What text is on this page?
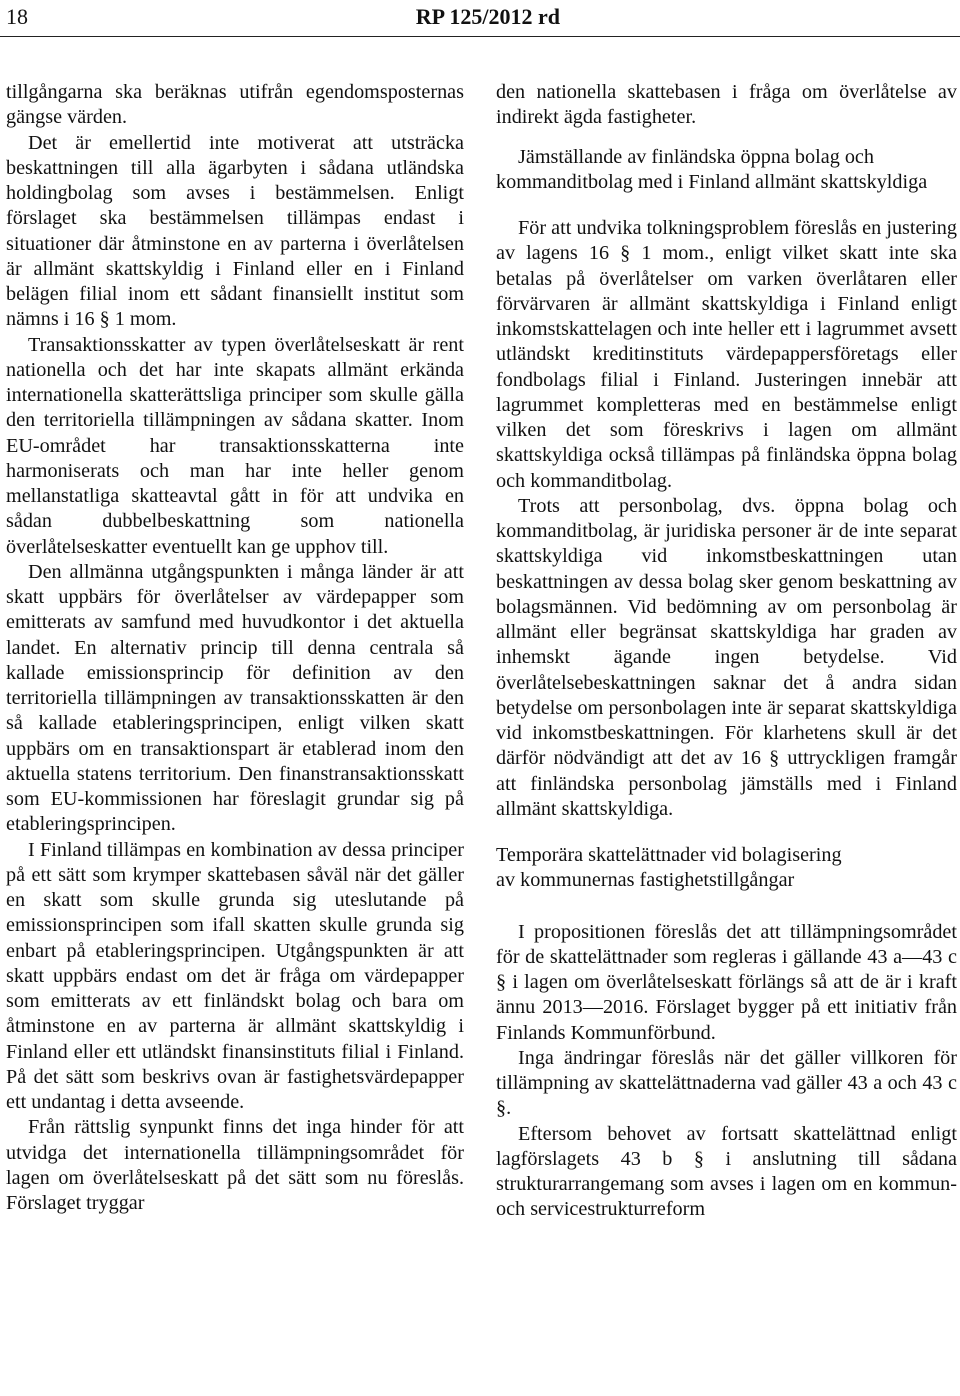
18	RP 125/2012 rd

tillgångarna ska beräknas utifrån egendomsposternas gängse värden.

Det är emellertid inte motiverat att utsträcka beskattningen till alla ägarbyten i sådana utländska holdingbolag som avses i bestämmelsen. Enligt förslaget ska bestämmelsen tillämpas endast i situationer där åtminstone en av parterna i överlåtelsen är allmänt skattskyldig i Finland eller en i Finland belägen filial inom ett sådant finansiellt institut som nämns i 16 § 1 mom.

Transaktionsskatter av typen överlåtelseskatt är rent nationella och det har inte skapats allmänt erkända internationella skatterättsliga principer som skulle gälla den territoriella tillämpningen av sådana skatter. Inom EU-området har transaktionsskatterna inte harmoniserats och man har inte heller genom mellanstatliga skatteavtal gått in för att undvika en sådan dubbelbeskattning som nationella överlåtelseskatter eventuellt kan ge upphov till.

Den allmänna utgångspunkten i många länder är att skatt uppbärs för överlåtelser av värdepapper som emitterats av samfund med huvudkontor i det aktuella landet. En alternativ princip till denna centrala så kallade emissionsprincip för definition av den territoriella tillämpningen av transaktionsskatten är den så kallade etableringsprincipen, enligt vilken skatt uppbärs om en transaktionspart är etablerad inom den aktuella statens territorium. Den finanstransaktionsskatt som EU-kommissionen har föreslagit grundar sig på etableringsprincipen.

I Finland tillämpas en kombination av dessa principer på ett sätt som krymper skattebasen såväl när det gäller en skatt som skulle grunda sig uteslutande på emissionsprincipen som ifall skatten skulle grunda sig enbart på etableringsprincipen. Utgångspunkten är att skatt uppbärs endast om det är fråga om värdepapper som emitterats av ett finländskt bolag och bara om åtminstone en av parterna är allmänt skattskyldig i Finland eller ett utländskt finansinstituts filial i Finland. På det sätt som beskrivs ovan är fastighetsvärdepapper ett undantag i detta avseende.

Från rättslig synpunkt finns det inga hinder för att utvidga det internationella tillämpningsområdet för lagen om överlåtelseskatt på det sätt som nu föreslås. Förslaget tryggar

den nationella skattebasen i fråga om överlåtelse av indirekt ägda fastigheter.

Jämställande av finländska öppna bolag och kommanditbolag med i Finland allmänt skattskyldiga

För att undvika tolkningsproblem föreslås en justering av lagens 16 § 1 mom., enligt vilket skatt inte ska betalas på överlåtelser om varken överlåtaren eller förvärvaren är allmänt skattskyldiga i Finland enligt inkomstskattelagen och inte heller ett i lagrummet avsett utländskt kreditinstituts värdepappersföretags eller fondbolags filial i Finland. Justeringen innebär att lagrummet kompletteras med en bestämmelse enligt vilken det som föreskrivs i lagen om allmänt skattskyldiga också tillämpas på finländska öppna bolag och kommanditbolag.

Trots att personbolag, dvs. öppna bolag och kommanditbolag, är juridiska personer är de inte separat skattskyldiga vid inkomstbeskattningen utan beskattningen av dessa bolag sker genom beskattning av bolagsmännen. Vid bedömning av om personbolag är allmänt eller begränsat skattskyldiga har graden av inhemskt ägande ingen betydelse. Vid överlåtelsebeskattningen saknar det å andra sidan betydelse om personbolagen inte är separat skattskyldiga vid inkomstbeskattningen. För klarhetens skull är det därför nödvändigt att det av 16 § uttryckligen framgår att finländska personbolag jämställs med i Finland allmänt skattskyldiga.

Temporära skattelättnader vid bolagisering
av kommunernas fastighetstillgångar

I propositionen föreslås det att tillämpningsområdet för de skattelättnader som regleras i gällande 43 a—43 c § i lagen om överlåtelseskatt förlängs så att de är i kraft ännu 2013—2016. Förslaget bygger på ett initiativ från Finlands Kommunförbund.

Inga ändringar föreslås när det gäller villkoren för tillämpning av skattelättnaderna vad gäller 43 a och 43 c §.

Eftersom behovet av fortsatt skattelättnad enligt lagförslagets 43 b § i anslutning till sådana strukturarrangemang som avses i lagen om en kommun- och servicestrukturreform
